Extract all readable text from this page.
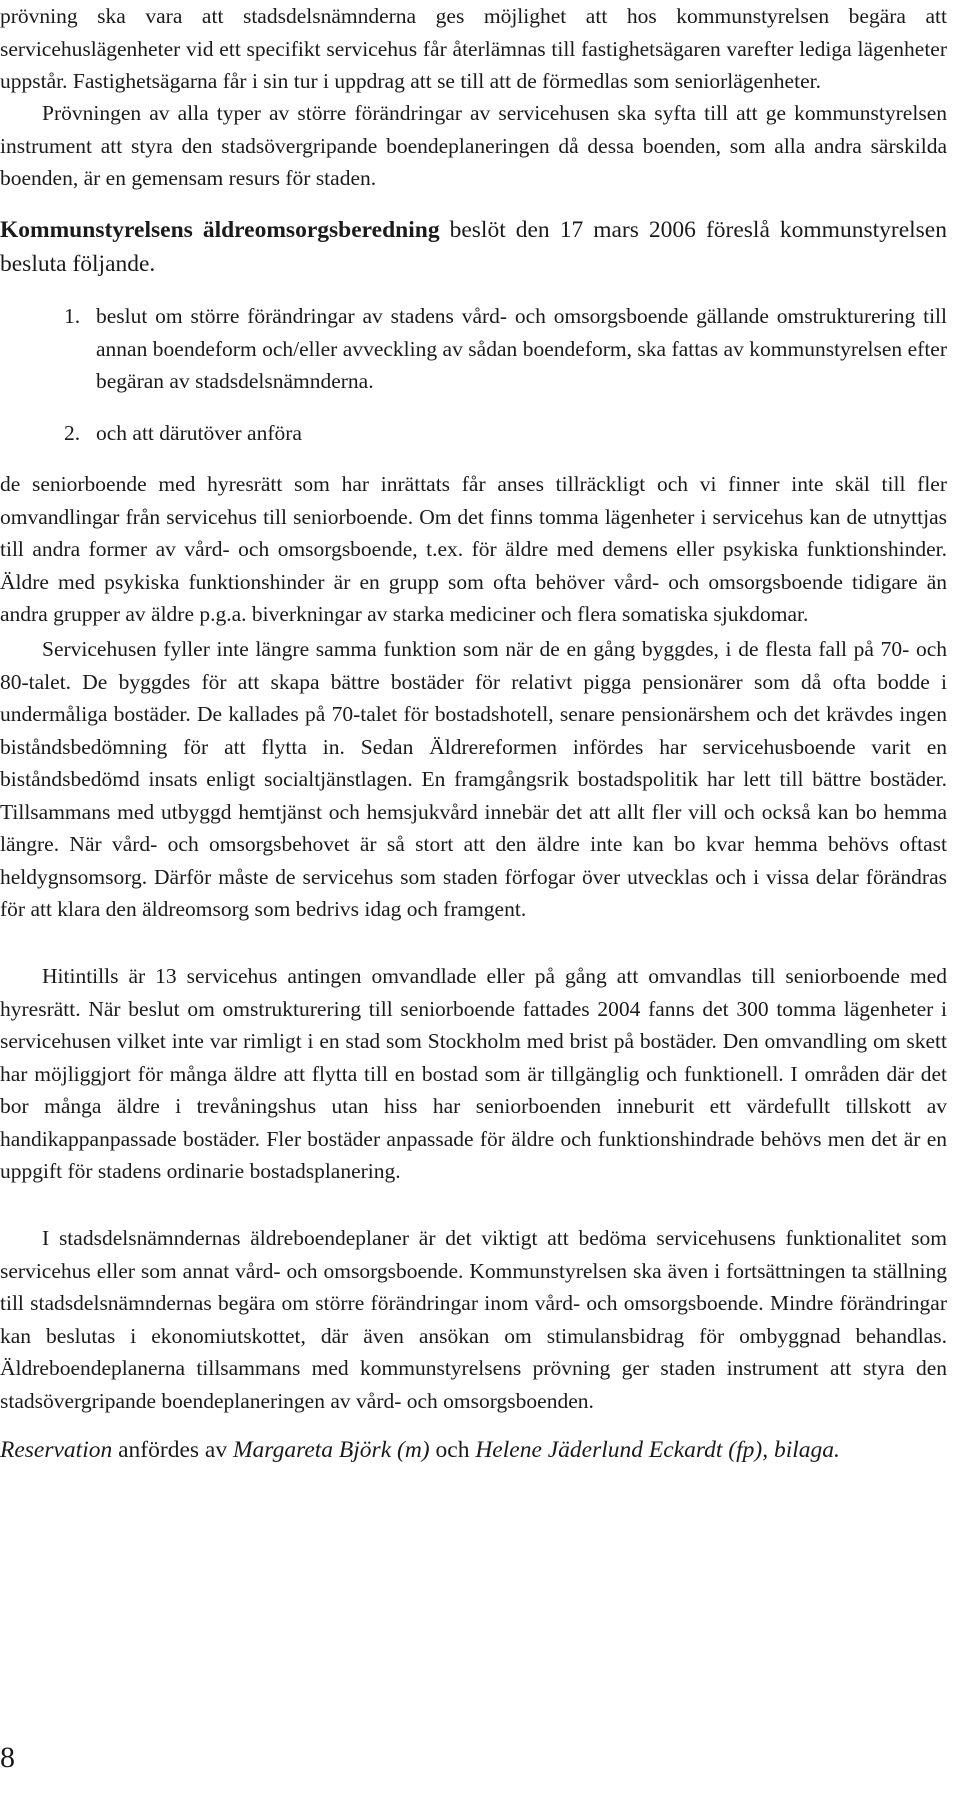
prövning ska vara att stadsdelsnämnderna ges möjlighet att hos kommunstyrelsen begära att servicehuslägenheter vid ett specifikt servicehus får återlämnas till fastighetsägaren varefter lediga lägenheter uppstår. Fastighetsägarna får i sin tur i uppdrag att se till att de förmedlas som seniorlägenheter.

Prövningen av alla typer av större förändringar av servicehusen ska syfta till att ge kommunstyrelsen instrument att styra den stadsövergripande boendeplaneringen då dessa boenden, som alla andra särskilda boenden, är en gemensam resurs för staden.

Kommunstyrelsens äldreomsorgsberedning beslöt den 17 mars 2006 föreslå kommunstyrelsen besluta följande.

1. beslut om större förändringar av stadens vård- och omsorgsboende gällande omstrukturering till annan boendeform och/eller avveckling av sådan boendeform, ska fattas av kommunstyrelsen efter begäran av stadsdelsnämnderna.

2. och att därutöver anföra

de seniorboende med hyresrätt som har inrättats får anses tillräckligt och vi finner inte skäl till fler omvandlingar från servicehus till seniorboende. Om det finns tomma lägenheter i servicehus kan de utnyttjas till andra former av vård- och omsorgsboende, t.ex. för äldre med demens eller psykiska funktionshinder. Äldre med psykiska funktionshinder är en grupp som ofta behöver vård- och omsorgsboende tidigare än andra grupper av äldre p.g.a. biverkningar av starka mediciner och flera somatiska sjukdomar.

Servicehusen fyller inte längre samma funktion som när de en gång byggdes, i de flesta fall på 70- och 80-talet. De byggdes för att skapa bättre bostäder för relativt pigga pensionärer som då ofta bodde i undermåliga bostäder. De kallades på 70-talet för bostadshotell, senare pensionärshem och det krävdes ingen biståndsbedömning för att flytta in. Sedan Äldrereformen infördes har servicehusboende varit en biståndsbedömd insats enligt socialtjänstlagen. En framgångsrik bostadspolitik har lett till bättre bostäder. Tillsammans med utbyggd hemtjänst och hemsjukvård innebär det att allt fler vill och också kan bo hemma längre. När vård- och omsorgsbehovet är så stort att den äldre inte kan bo kvar hemma behövs oftast heldygnsomsorg. Därför måste de servicehus som staden förfogar över utvecklas och i vissa delar förändras för att klara den äldreomsorg som bedrivs idag och framgent.

Hitintills är 13 servicehus antingen omvandlade eller på gång att omvandlas till seniorboende med hyresrätt. När beslut om omstrukturering till seniorboende fattades 2004 fanns det 300 tomma lägenheter i servicehusen vilket inte var rimligt i en stad som Stockholm med brist på bostäder. Den omvandling om skett har möjliggjort för många äldre att flytta till en bostad som är tillgänglig och funktionell. I områden där det bor många äldre i trevåningshus utan hiss har seniorboenden inneburit ett värdefullt tillskott av handikappanpassade bostäder. Fler bostäder anpassade för äldre och funktionshindrade behövs men det är en uppgift för stadens ordinarie bostadsplanering.

I stadsdelsnämndernas äldreboendeplaner är det viktigt att bedöma servicehusens funktionalitet som servicehus eller som annat vård- och omsorgsboende. Kommunstyrelsen ska även i fortsättningen ta ställning till stadsdelsnämndernas begära om större förändringar inom vård- och omsorgsboende. Mindre förändringar kan beslutas i ekonomiutskottet, där även ansökan om stimulansbidrag för ombyggnad behandlas. Äldreboendeplanerna tillsammans med kommunstyrelsens prövning ger staden instrument att styra den stadsövergripande boendeplaneringen av vård- och omsorgsboenden.

Reservation anfördes av Margareta Björk (m) och Helene Jäderlund Eckardt (fp), bilaga.

8
